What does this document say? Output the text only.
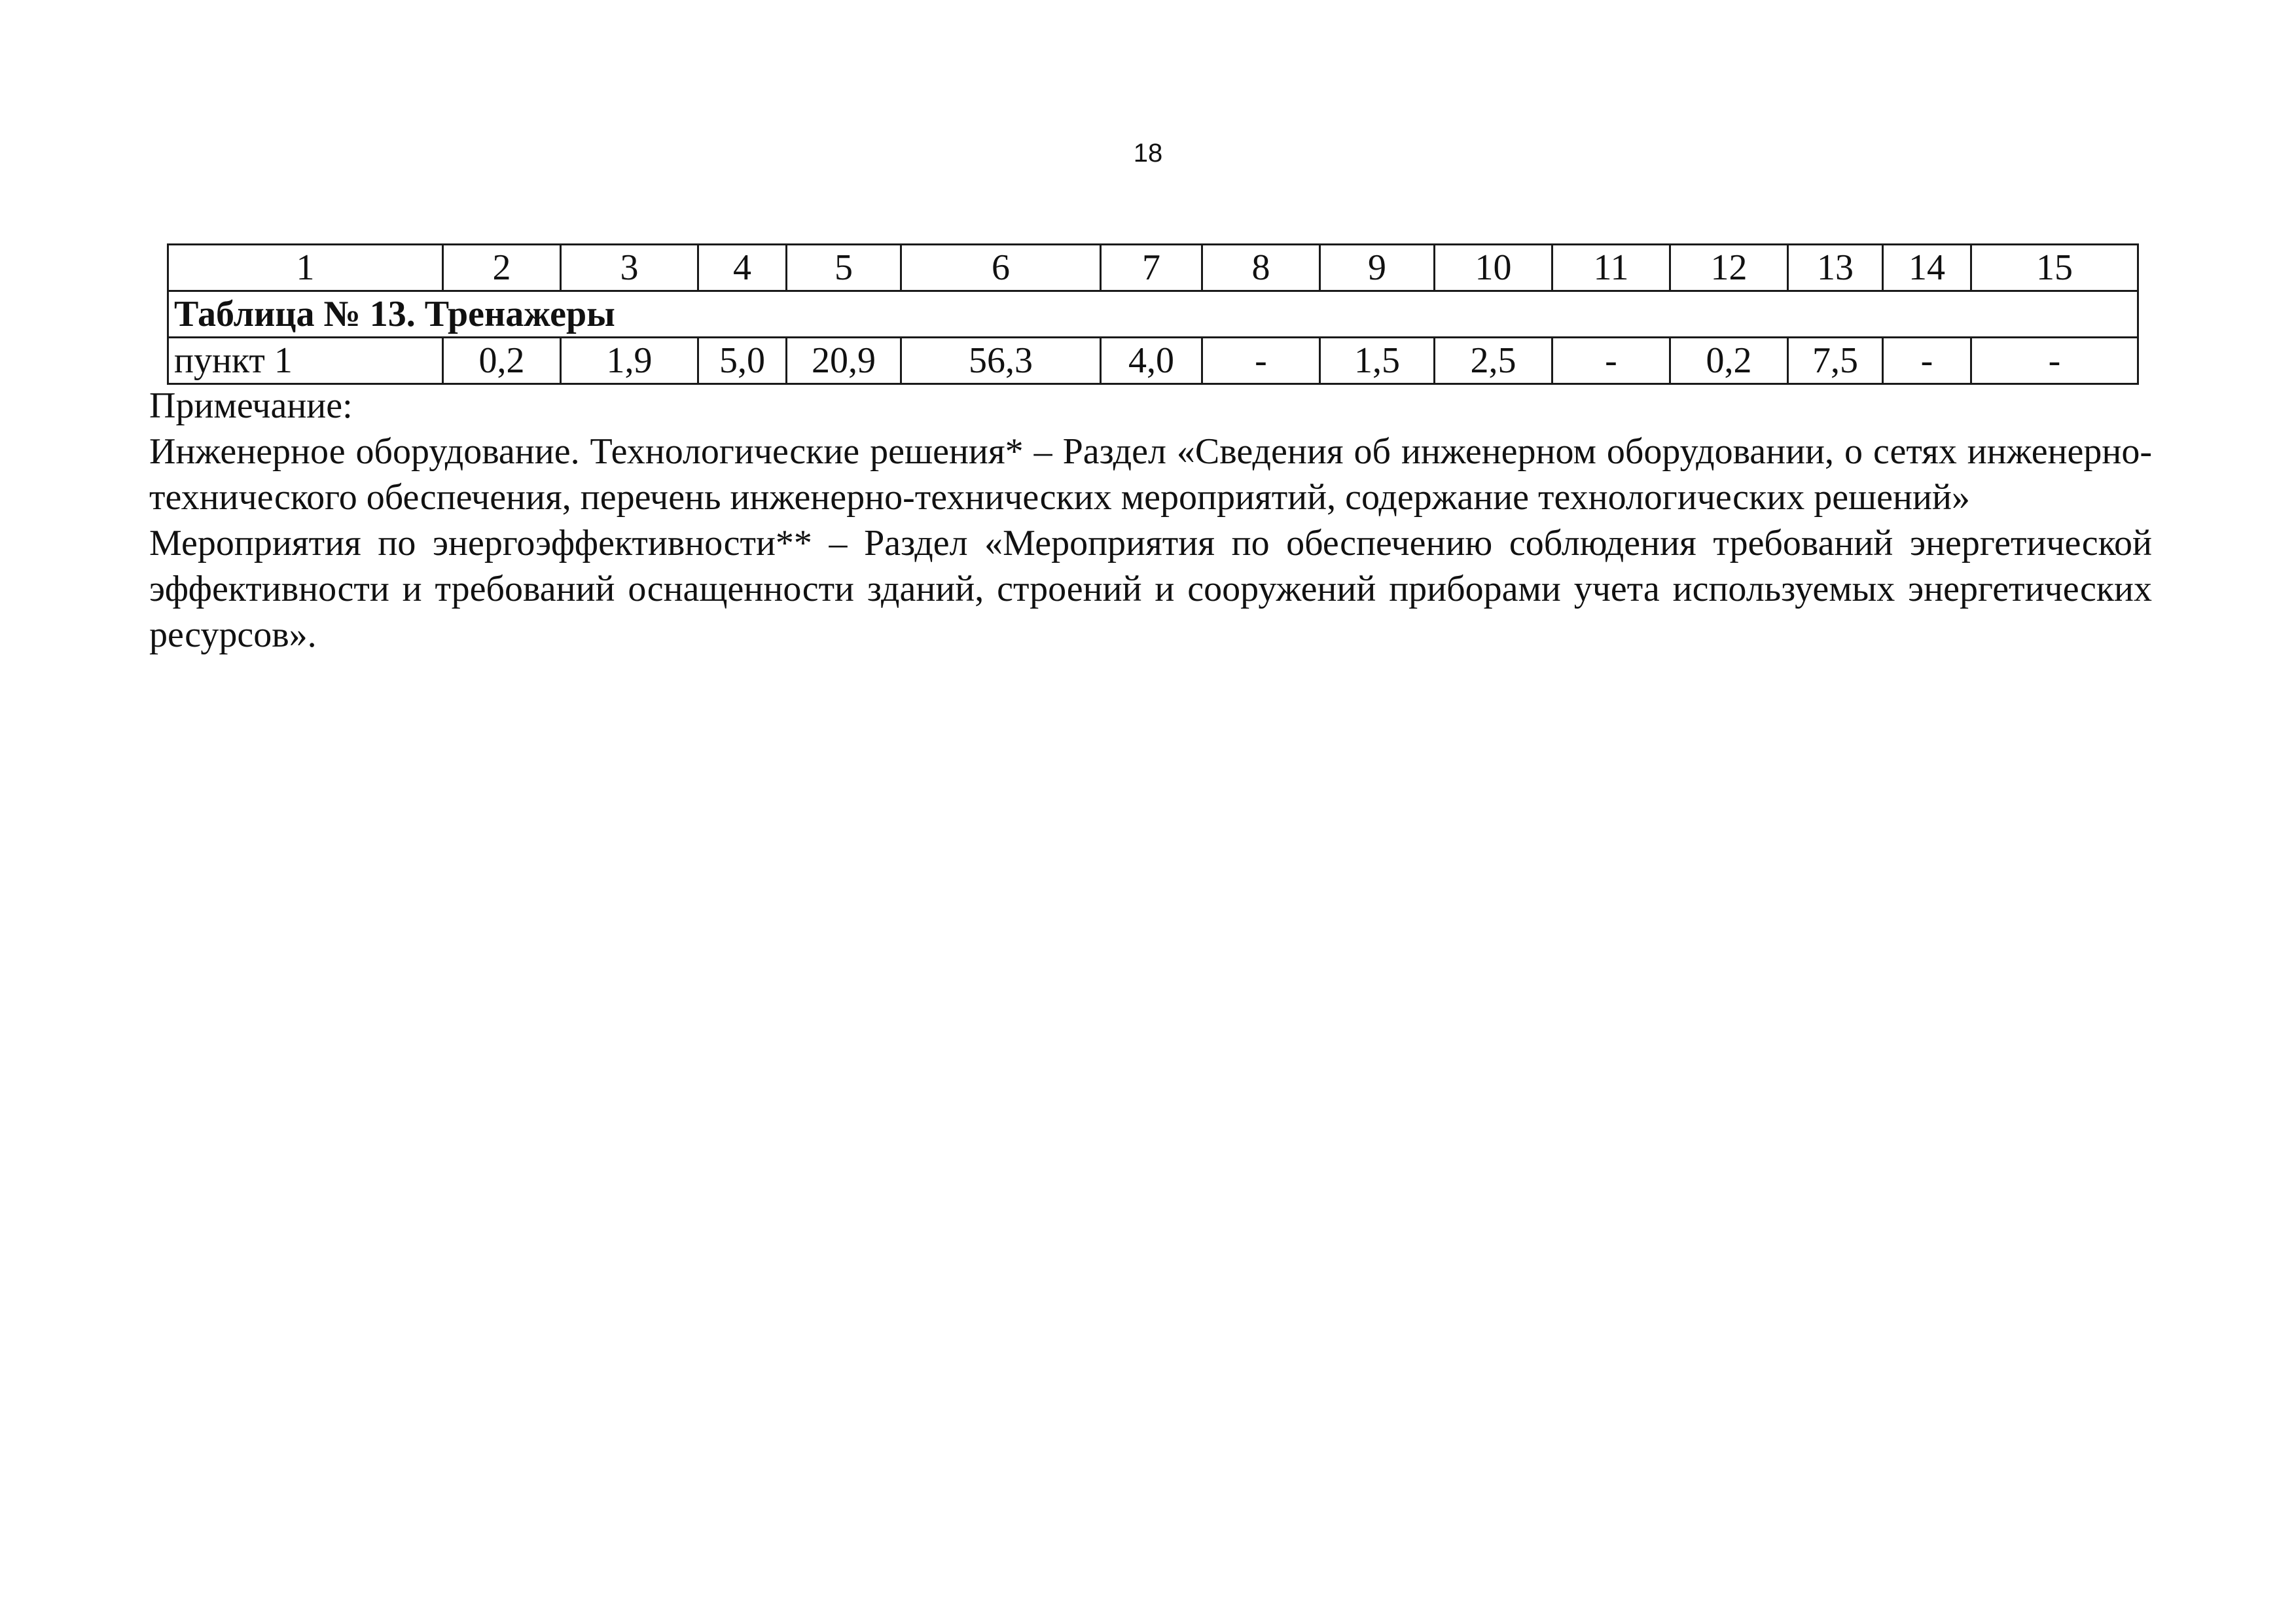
18
1	2	3	4	5	6	7	8	9	10	11	12	13	14	15
Таблица № 13. Тренажеры														
пункт 1	0,2	1,9	5,0	20,9	56,3	4,0	-	1,5	2,5	-	0,2	7,5	-	-

Примечание:

Инженерное оборудование. Технологические решения* – Раздел «Сведения об инженерном оборудовании, о сетях инженерно-технического обеспечения, перечень инженерно-технических мероприятий, содержание технологических решений»

Мероприятия по энергоэффективности** – Раздел «Мероприятия по обеспечению соблюдения требований энергетической эффективности и требований оснащенности зданий, строений и сооружений приборами учета используемых энергетических ресурсов».
